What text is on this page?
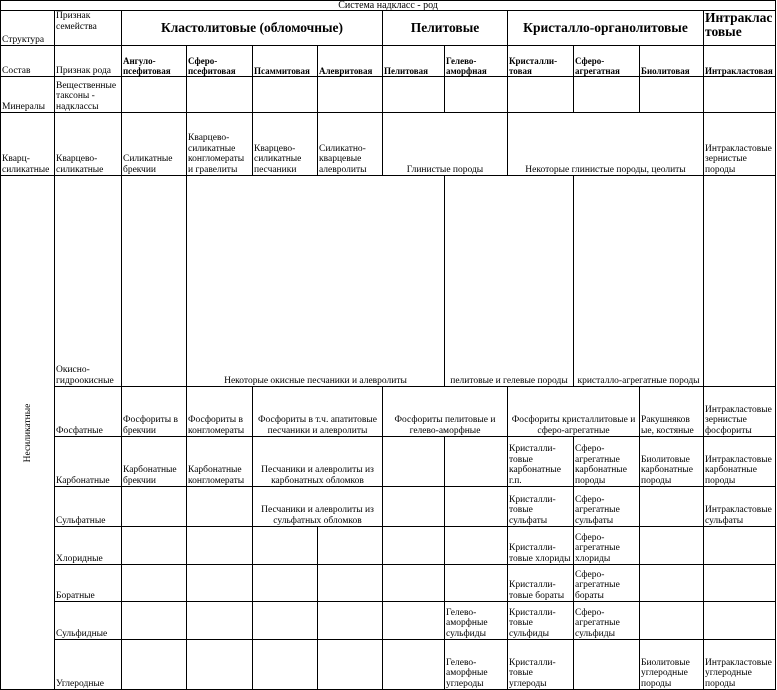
Система надкласс - род												
Структура	Признак семейства	Кластолитовые (обломочные)				Пелитовые		Кристалло-органолитовые			Интракластовые	
Состав	Признак рода	Ангуло-псефитовая	Сферо-псефитовая	Псаммитовая	Алевритовая	Пелитовая	Гелево-аморфная	Кристалли-товая	Сферо-агрегатная	Биолитовая	Интракластовая	
Минералы	Вещественные таксоны - надклассы											
Кварц-силикатные	Кварцево-силикатные	Силикатные брекчии	Кварцево-силикатные конгломераты и гравелиты	Кварцево-силикатные песчаники	Силикатно-кварцевые алевролиты	Глинистые породы		Некоторые глинистые породы, цеолиты			Интракластовые зернистые породы	

Несиликатные	Окисно-гидроокисные		Некоторые окисные песчаники и алевролиты				пелитовые и гелевые породы		кристалло-агрегатные породы		
	Фосфатные	Фосфориты в брекчии	Фосфориты в конгломераты	Фосфориты в т.ч. апатитовые песчаники и алевролиты		Фосфориты пелитовые и гелево-аморфные		Фосфориты кристаллитовые и сферо-агрегатные		Ракушняков ые, костяные	Интракластовые зернистые фосфориты	
	Карбонатные	Карбонатные брекчии	Карбонатные конгломераты	Песчаники и алевролиты из карбонатных обломков				Кристалли-товые карбонатные г.п.	Сферо-агрегатные карбонатные породы	Биолитовые карбонатные породы	Интракластовые карбонатные породы	
	Сульфатные			Песчаники и алевролиты из сульфатных обломков				Кристалли-товые сульфаты	Сферо-агрегатные сульфаты		Интракластовые сульфаты	
	Хлоридные							Кристалли-товые хлориды	Сферо-агрегатные хлориды			
	Боратные							Кристалли-товые бораты	Сферо-агрегатные бораты			
	Сульфидные						Гелево-аморфные сульфиды	Кристалли-товые сульфиды	Сферо-агрегатные сульфиды			
	Углеродные						Гелево-аморфные углероды	Кристалли-товые углероды		Биолитовые углеродные породы	Интракластовые углеродные породы	
